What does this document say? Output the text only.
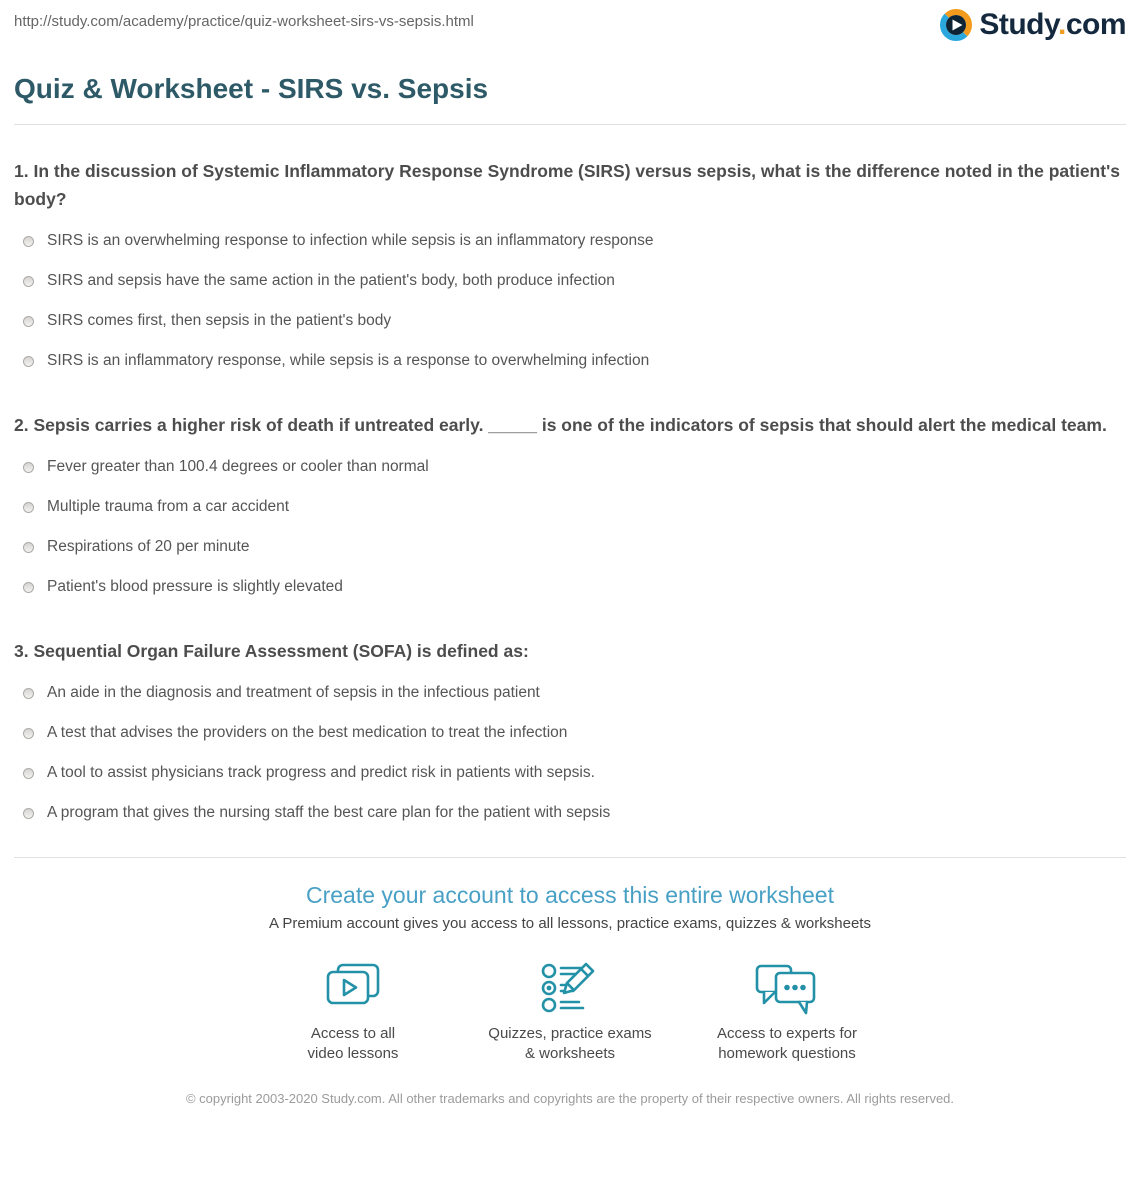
http://study.com/academy/practice/quiz-worksheet-sirs-vs-sepsis.html	Study.com
Quiz & Worksheet - SIRS vs. Sepsis
1. In the discussion of Systemic Inflammatory Response Syndrome (SIRS) versus sepsis, what is the difference noted in the patient's body?
SIRS is an overwhelming response to infection while sepsis is an inflammatory response
SIRS and sepsis have the same action in the patient's body, both produce infection
SIRS comes first, then sepsis in the patient's body
SIRS is an inflammatory response, while sepsis is a response to overwhelming infection
2. Sepsis carries a higher risk of death if untreated early. _____ is one of the indicators of sepsis that should alert the medical team.
Fever greater than 100.4 degrees or cooler than normal
Multiple trauma from a car accident
Respirations of 20 per minute
Patient's blood pressure is slightly elevated
3. Sequential Organ Failure Assessment (SOFA) is defined as:
An aide in the diagnosis and treatment of sepsis in the infectious patient
A test that advises the providers on the best medication to treat the infection
A tool to assist physicians track progress and predict risk in patients with sepsis.
A program that gives the nursing staff the best care plan for the patient with sepsis
Create your account to access this entire worksheet

A Premium account gives you access to all lessons, practice exams, quizzes & worksheets

Access to all
video lessons
Quizzes, practice exams
& worksheets
Access to experts for
homework questions

© copyright 2003-2020 Study.com. All other trademarks and copyrights are the property of their respective owners. All rights reserved.
